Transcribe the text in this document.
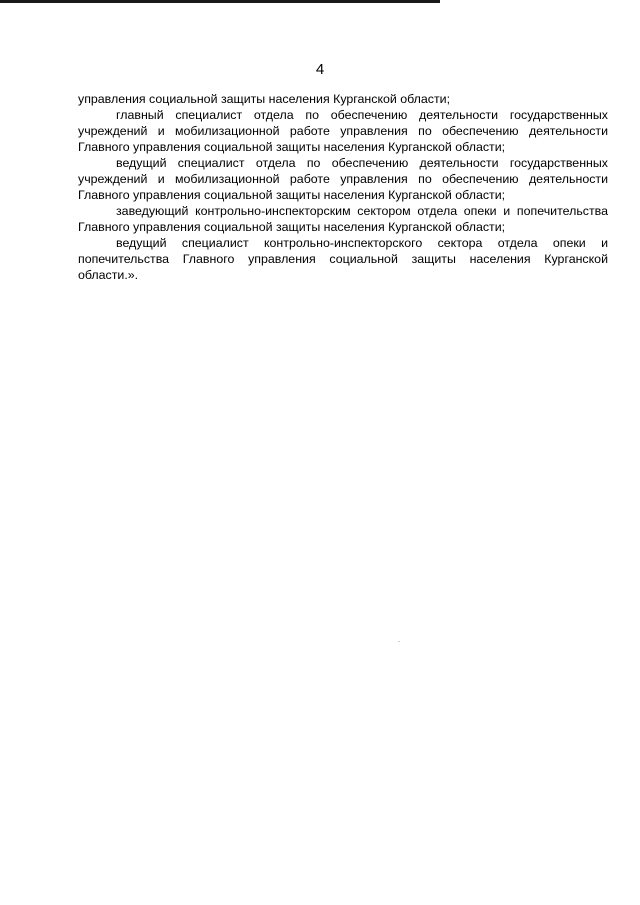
4

управления социальной защиты населения Курганской области;

главный специалист отдела по обеспечению деятельности государственных учреждений и мобилизационной работе управления по обеспечению деятельности Главного управления социальной защиты населения Курганской области;

ведущий специалист отдела по обеспечению деятельности государственных учреждений и мобилизационной работе управления по обеспечению деятельности Главного управления социальной защиты населения Курганской области;

заведующий контрольно-инспекторским сектором отдела опеки и попечительства Главного управления социальной защиты населения Курганской области;

ведущий специалист контрольно-инспекторского сектора отдела опеки и попечительства Главного управления социальной защиты населения Курганской области.».
